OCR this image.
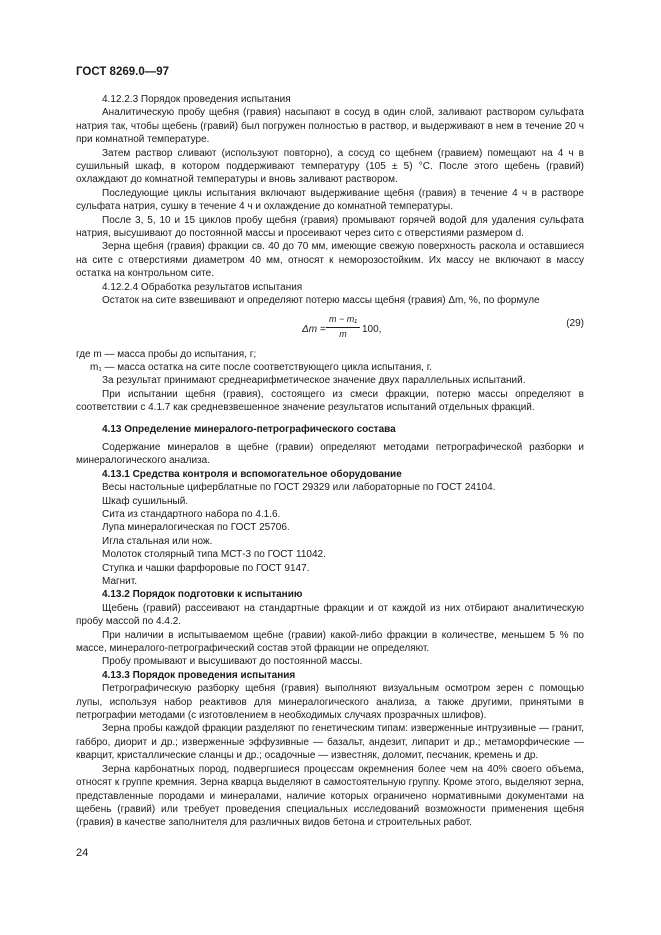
ГОСТ 8269.0—97

4.12.2.3 Порядок проведения испытания

Аналитическую пробу щебня (гравия) насыпают в сосуд в один слой, заливают раствором сульфата натрия так, чтобы щебень (гравий) был погружен полностью в раствор, и выдерживают в нем в течение 20 ч при комнатной температуре.

Затем раствор сливают (используют повторно), а сосуд со щебнем (гравием) помещают на 4 ч в сушильный шкаф, в котором поддерживают температуру (105 ± 5) °С. После этого щебень (гравий) охлаждают до комнатной температуры и вновь заливают раствором.

Последующие циклы испытания включают выдерживание щебня (гравия) в течение 4 ч в растворе сульфата натрия, сушку в течение 4 ч и охлаждение до комнатной температуры.

После 3, 5, 10 и 15 циклов пробу щебня (гравия) промывают горячей водой для удаления сульфата натрия, высушивают до постоянной массы и просеивают через сито с отверстиями размером d.

Зерна щебня (гравия) фракции св. 40 до 70 мм, имеющие свежую поверхность раскола и оставшиеся на сите с отверстиями диаметром 40 мм, относят к неморозостойким. Их массу не включают в массу остатка на контрольном сите.

4.12.2.4 Обработка результатов испытания

Остаток на сите взвешивают и определяют потерю массы щебня (гравия) Δm, %, по формуле

$\Delta m = \frac{\text{m − m₁}}{m} 100$,
(29)

где m — масса пробы до испытания, г;

m₁ — масса остатка на сите после соответствующего цикла испытания, г.

За результат принимают среднеарифметическое значение двух параллельных испытаний.

При испытании щебня (гравия), состоящего из смеси фракции, потерю массы определяют в соответствии с 4.1.7 как средневзвешенное значение результатов испытаний отдельных фракций.

4.13 Определение минералого-петрографического состава

Содержание минералов в щебне (гравии) определяют методами петрографической разборки и минералогического анализа.

4.13.1 Средства контроля и вспомогательное оборудование

Весы настольные циферблатные по ГОСТ 29329 или лабораторные по ГОСТ 24104.

Шкаф сушильный.

Сита из стандартного набора по 4.1.6.

Лупа минералогическая по ГОСТ 25706.

Игла стальная или нож.

Молоток столярный типа МСТ-3 по ГОСТ 11042.

Ступка и чашки фарфоровые по ГОСТ 9147.

Магнит.

4.13.2 Порядок подготовки к испытанию

Щебень (гравий) рассеивают на стандартные фракции и от каждой из них отбирают аналитическую пробу массой по 4.4.2.

При наличии в испытываемом щебне (гравии) какой-либо фракции в количестве, меньшем 5 % по массе, минералого-петрографический состав этой фракции не определяют.

Пробу промывают и высушивают до постоянной массы.

4.13.3 Порядок проведения испытания

Петрографическую разборку щебня (гравия) выполняют визуальным осмотром зерен с помощью лупы, используя набор реактивов для минералогического анализа, а также другими, принятыми в петрографии методами (с изготовлением в необходимых случаях прозрачных шлифов).

Зерна пробы каждой фракции разделяют по генетическим типам: изверженные интрузивные — гранит, габбро, диорит и др.; изверженные эффузивные — базальт, андезит, липарит и др.; метаморфические — кварцит, кристаллические сланцы и др.; осадочные — известняк, доломит, песчаник, кремень и др.

Зерна карбонатных пород, подвергшиеся процессам окремнения более чем на 40% своего объема, относят к группе кремния. Зерна кварца выделяют в самостоятельную группу. Кроме этого, выделяют зерна, представленные породами и минералами, наличие которых ограничено нормативными документами на щебень (гравий) или требует проведения специальных исследований возможности применения щебня (гравия) в качестве заполнителя для различных видов бетона и строительных работ.

24
